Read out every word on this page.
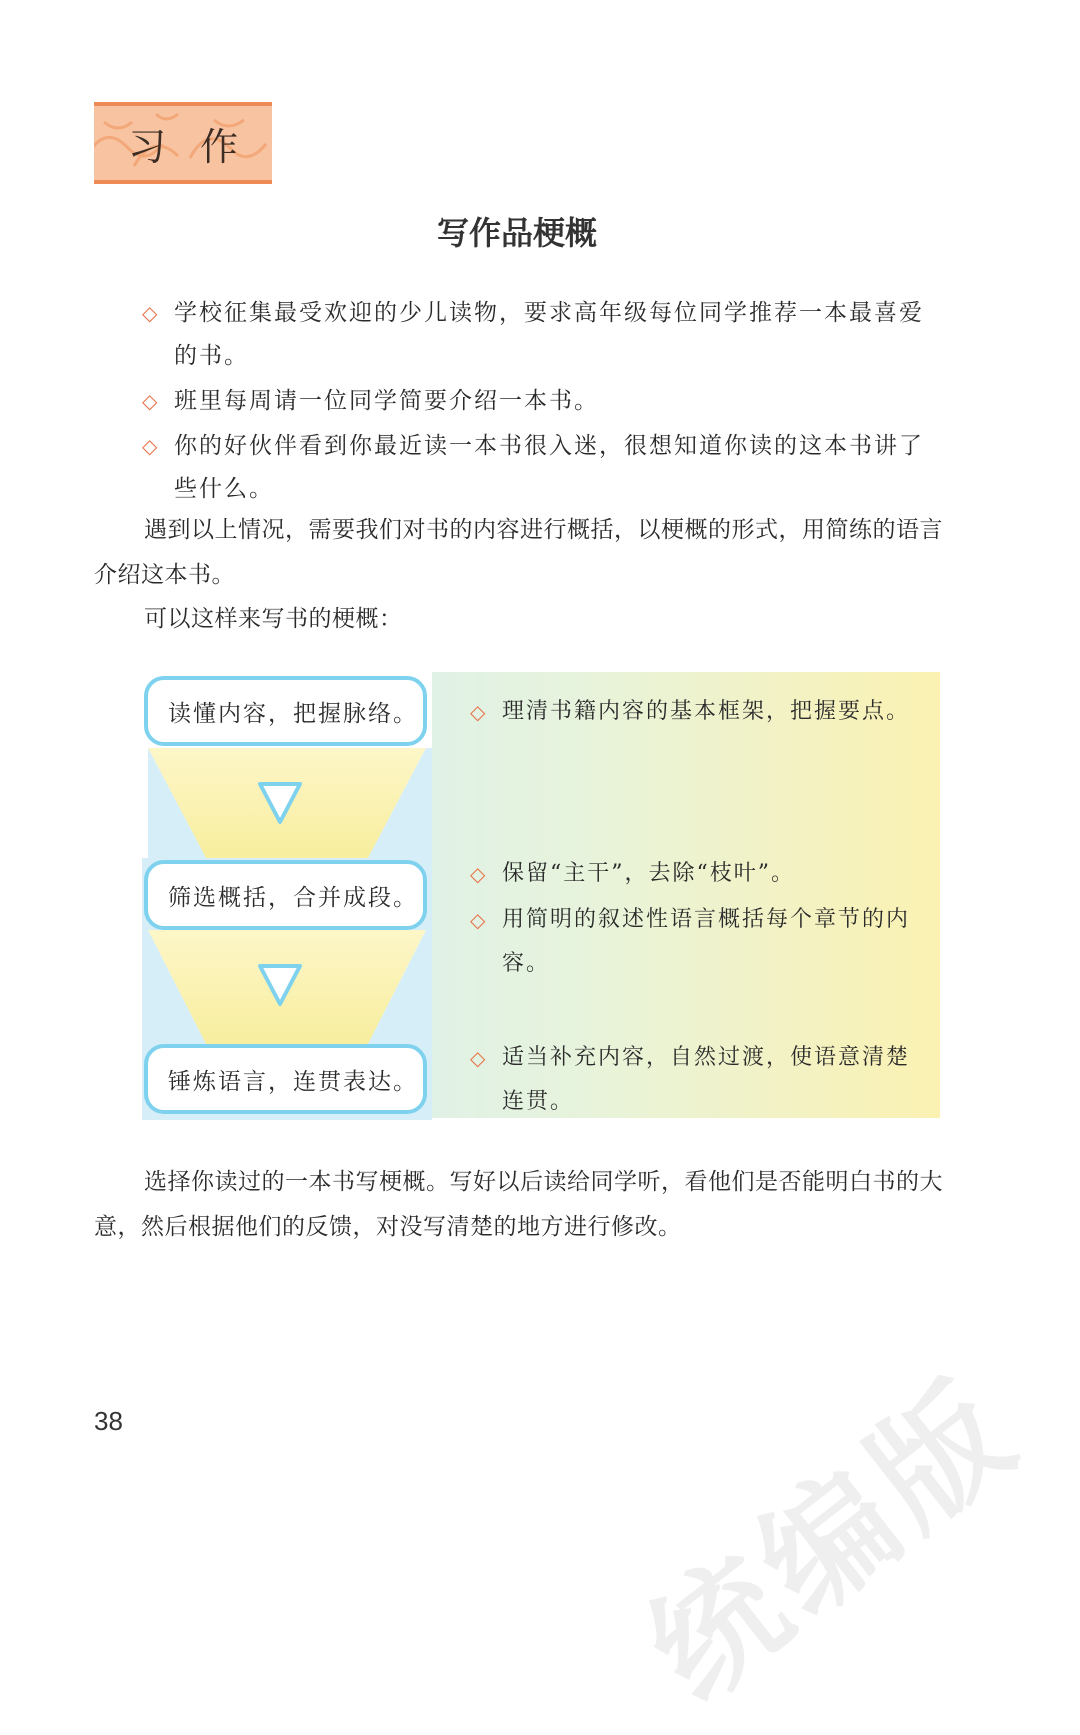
习作
写作品梗概
◇ 学校征集最受欢迎的少儿读物，要求高年级每位同学推荐一本最喜爱的书。
◇ 班里每周请一位同学简要介绍一本书。
◇ 你的好伙伴看到你最近读一本书很入迷，很想知道你读的这本书讲了些什么。
遇到以上情况，需要我们对书的内容进行概括，以梗概的形式，用简练的语言介绍这本书。
可以这样来写书的梗概：
读懂内容，把握脉络。
筛选概括，合并成段。
锤炼语言，连贯表达。
◇ 理清书籍内容的基本框架，把握要点。
◇ 保留“主干”，去除“枝叶”。
◇ 用简明的叙述性语言概括每个章节的内容。
◇ 适当补充内容，自然过渡，使语意清楚连贯。
选择你读过的一本书写梗概。写好以后读给同学听，看他们是否能明白书的大意，然后根据他们的反馈，对没写清楚的地方进行修改。
38	统编版
